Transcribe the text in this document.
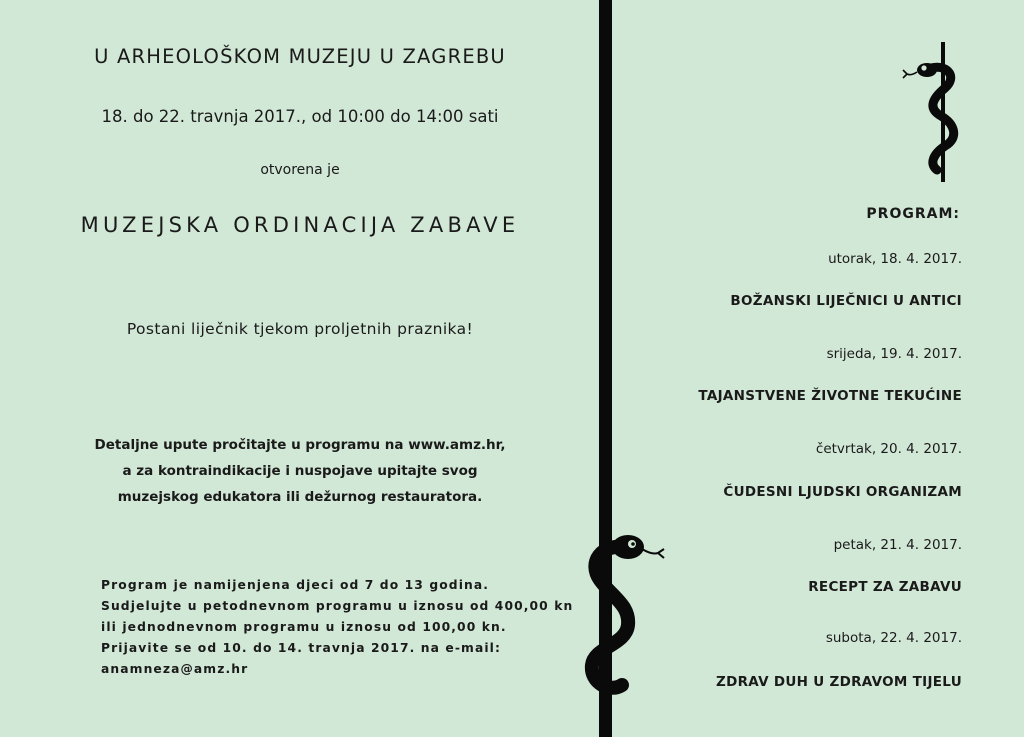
U ARHEOLOŠKOM MUZEJU U ZAGREBU
18. do 22. travnja 2017., od 10:00 do 14:00 sati
otvorena je
MUZEJSKA ORDINACIJA ZABAVE
Postani liječnik tjekom proljetnih praznika!
Detaljne upute pročitajte u programu na www.amz.hr,
a za kontraindikacije i nuspojave upitajte svog
muzejskog edukatora ili dežurnog restauratora.
Program je namijenjena djeci od 7 do 13 godina.
Sudjelujte u petodnevnom programu u iznosu od 400,00 kn
ili jednodnevnom programu u iznosu od 100,00 kn.
Prijavite se od 10. do 14. travnja 2017. na e-mail:
anamneza@amz.hr
PROGRAM:
utorak, 18. 4. 2017.
BOŽANSKI LIJEČNICI U ANTICI
srijeda, 19. 4. 2017.
TAJANSTVENE ŽIVOTNE TEKUĆINE
četvrtak, 20. 4. 2017.
ČUDESNI LJUDSKI ORGANIZAM
petak, 21. 4. 2017.
RECEPT ZA ZABAVU
subota, 22. 4. 2017.
ZDRAV DUH U ZDRAVOM TIJELU
